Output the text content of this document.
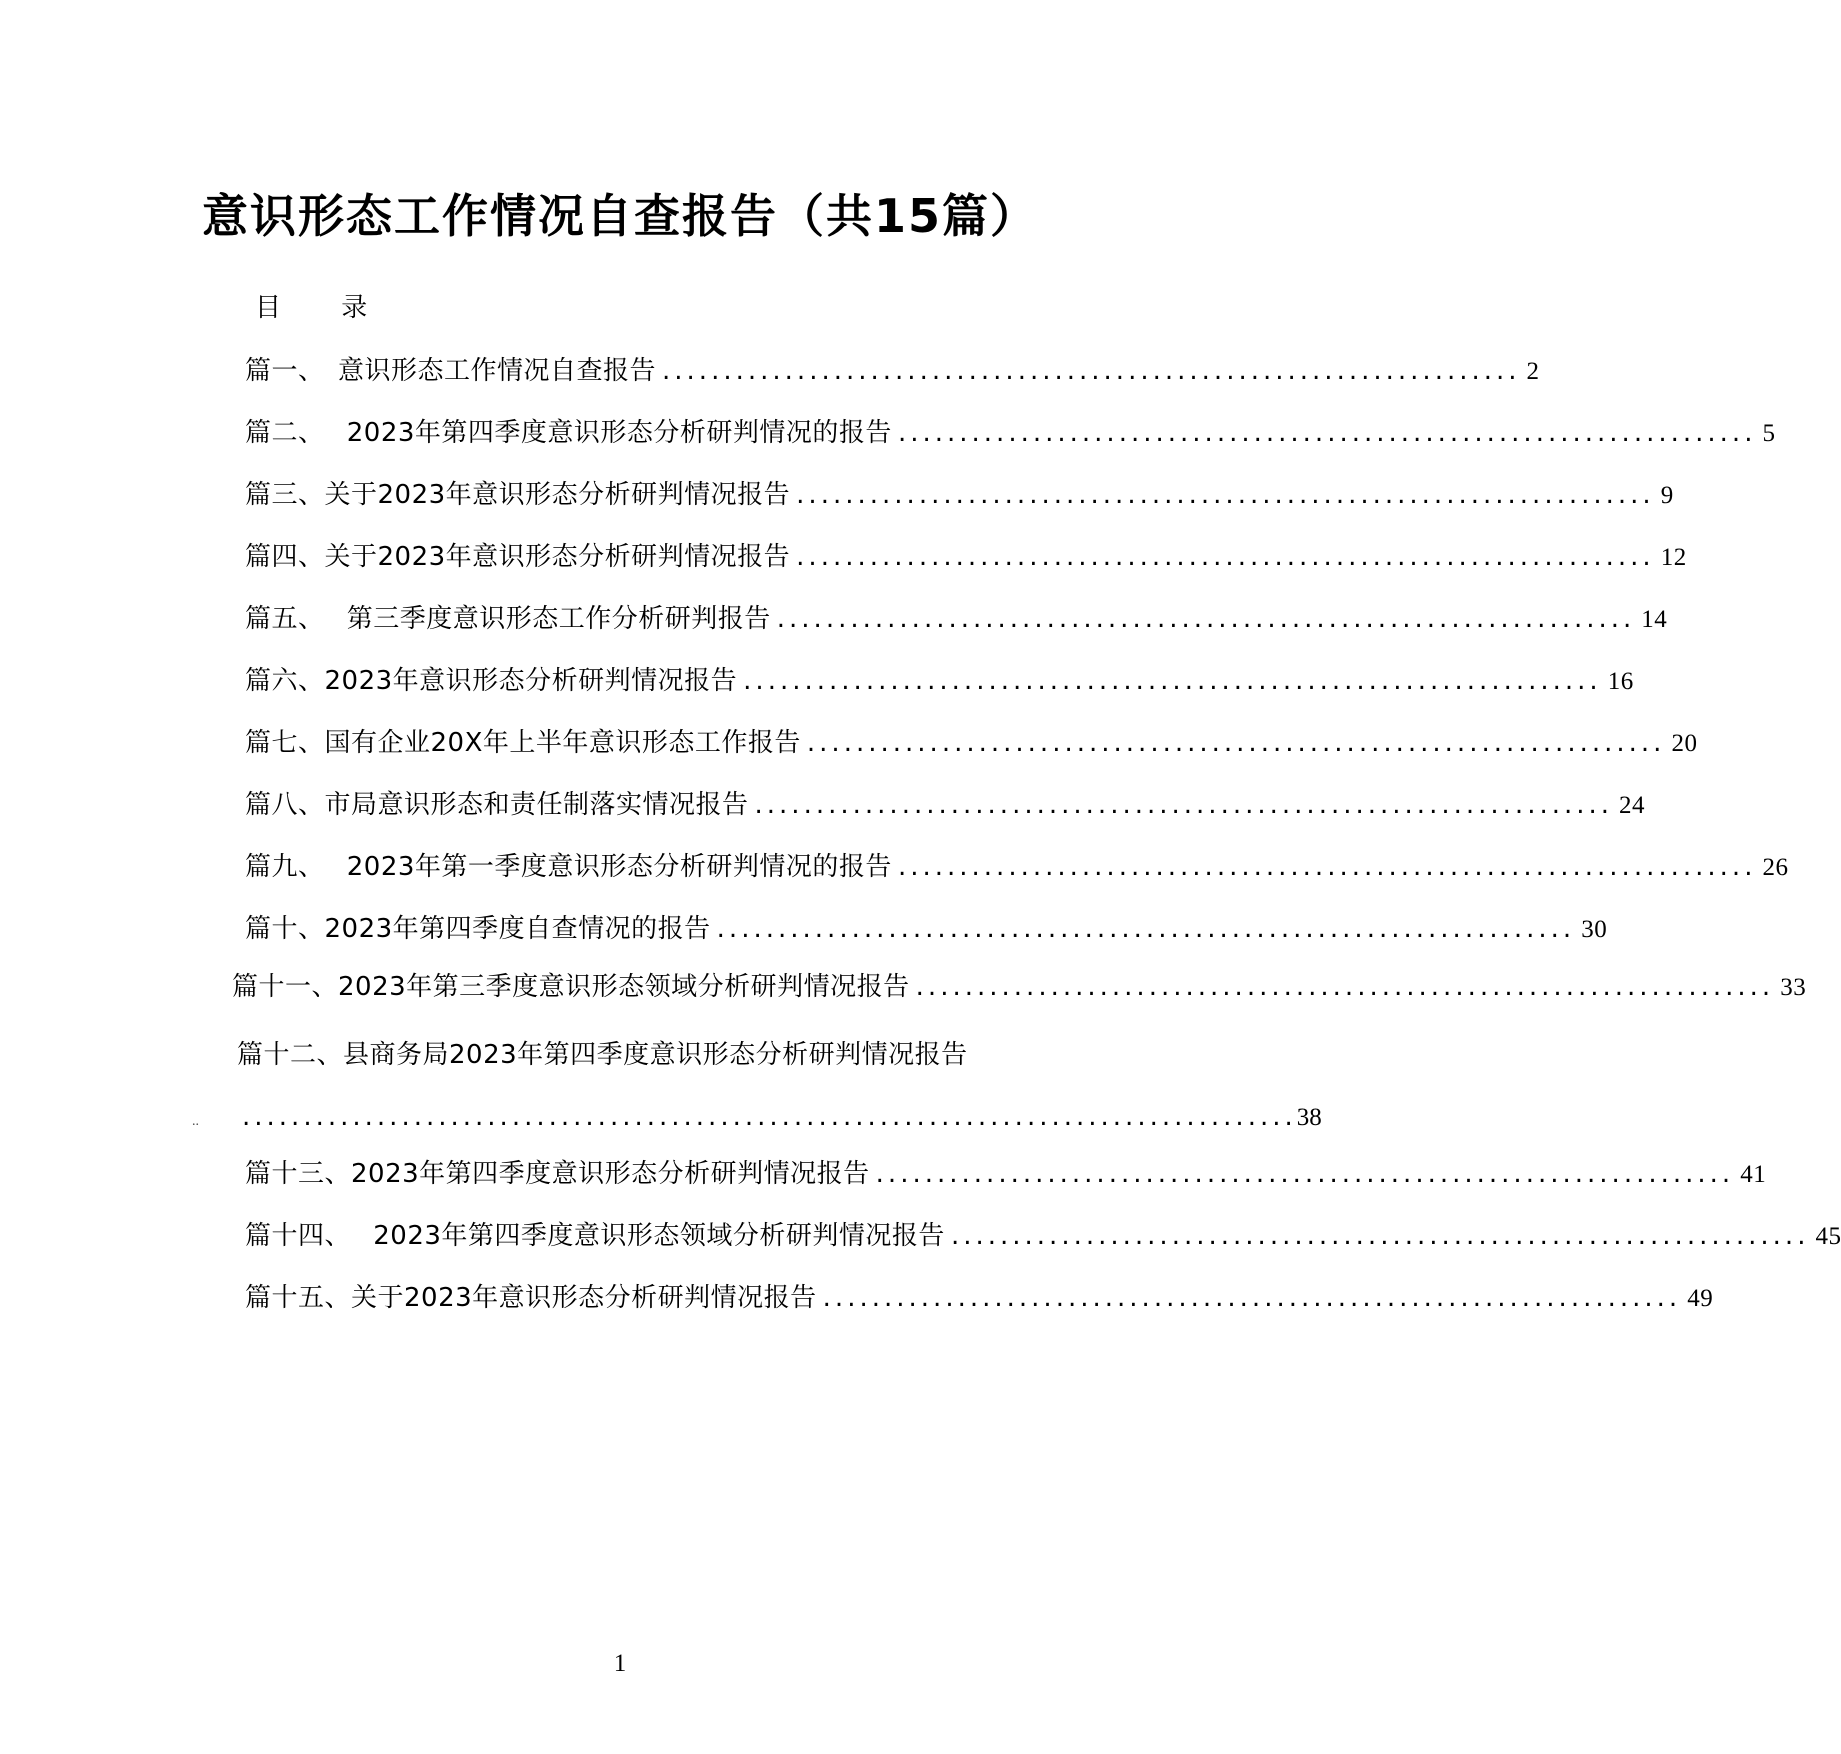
意识形态工作情况自查报告（共15篇）
目 录
篇一、　意识形态工作情况自查报告 ...................................................................... 2
篇二、　 2023年第四季度意识形态分析研判情况的报告 ...................................................................... 5
篇三、关于2023年意识形态分析研判情况报告 ...................................................................... 9
篇四、关于2023年意识形态分析研判情况报告 ...................................................................... 12
篇五、　 第三季度意识形态工作分析研判报告 ...................................................................... 14
篇六、2023年意识形态分析研判情况报告 ...................................................................... 16
篇七、国有企业20X年上半年意识形态工作报告 ...................................................................... 20
篇八、市局意识形态和责任制落实情况报告 ...................................................................... 24
篇九、　 2023年第一季度意识形态分析研判情况的报告 ...................................................................... 26
篇十、2023年第四季度自查情况的报告 ...................................................................... 30
篇十一、2023年第三季度意识形态领域分析研判情况报告 ...................................................................... 33
篇十二、县商务局2023年第四季度意识形态分析研判情况报告
..	...................................................................................... 38
篇十三、2023年第四季度意识形态分析研判情况报告 ...................................................................... 41
篇十四、　 2023年第四季度意识形态领域分析研判情况报告 ...................................................................... 45
篇十五、关于2023年意识形态分析研判情况报告 ...................................................................... 49
1
